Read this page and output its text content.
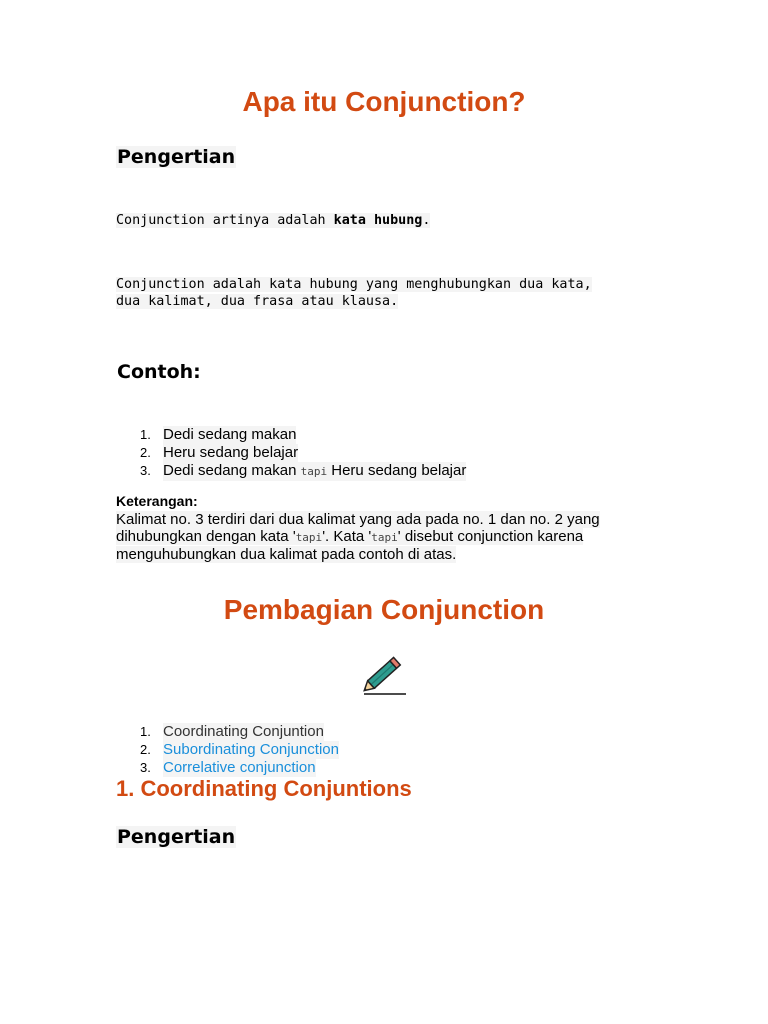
Apa itu Conjunction?
Pengertian
Conjunction artinya adalah kata hubung.
Conjunction adalah kata hubung yang menghubungkan dua kata,
dua kalimat, dua frasa atau klausa.
Contoh:
1. Dedi sedang makan
2. Heru sedang belajar
3. Dedi sedang makan tapi Heru sedang belajar
Keterangan:
Kalimat no. 3 terdiri dari dua kalimat yang ada pada no. 1 dan no. 2 yang
dihubungkan dengan kata 'tapi'. Kata 'tapi' disebut conjunction karena
menguhubungkan dua kalimat pada contoh di atas.
Pembagian Conjunction
1. Coordinating Conjuntion
2. Subordinating Conjunction
3. Correlative conjunction
1. Coordinating Conjuntions
Pengertian
